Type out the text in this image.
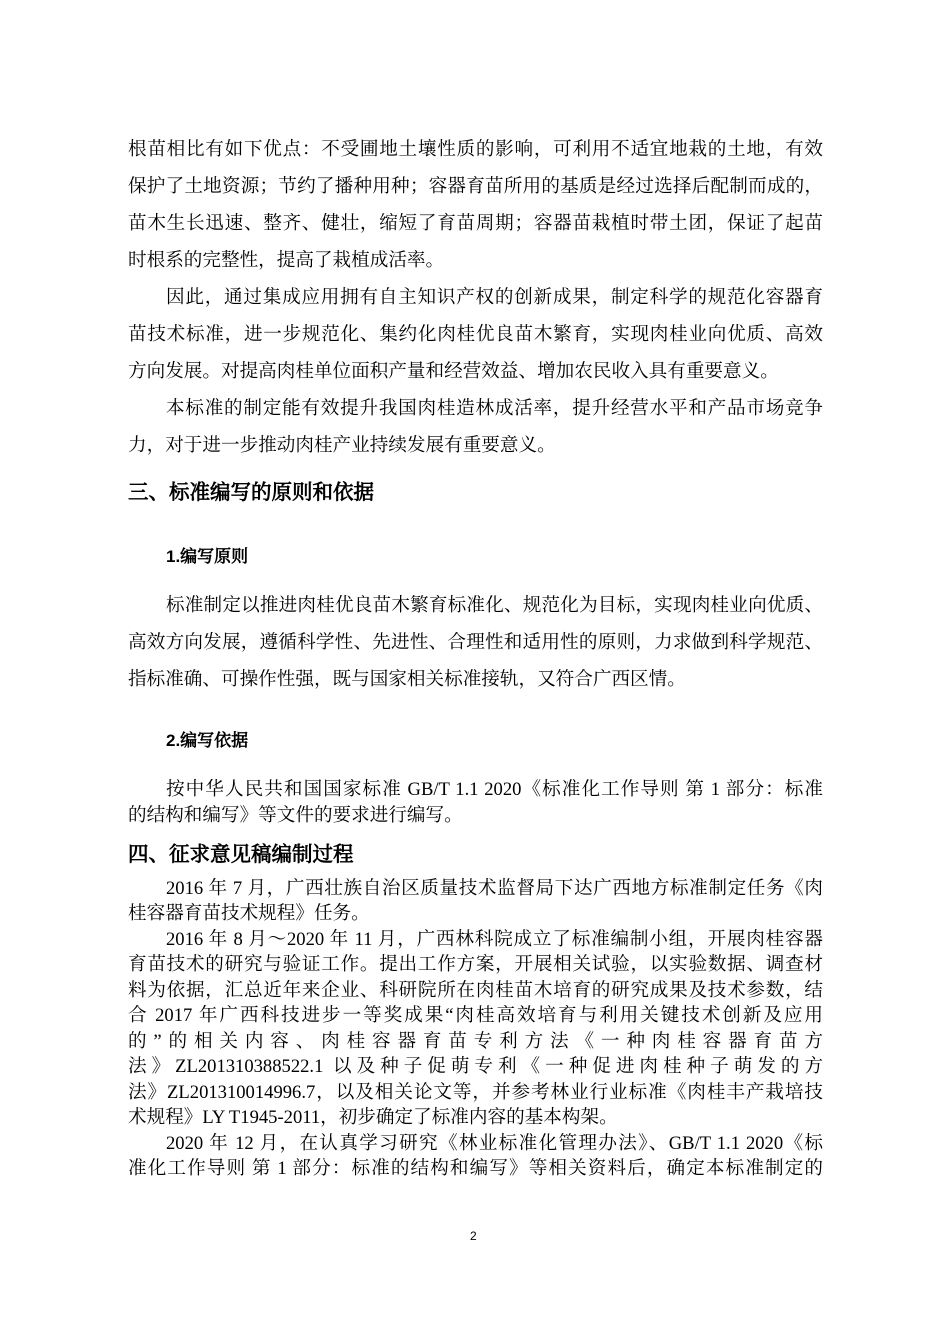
根苗相比有如下优点：不受圃地土壤性质的影响，可利用不适宜地栽的土地，有效
保护了土地资源；节约了播种用种；容器育苗所用的基质是经过选择后配制而成的，
苗木生长迅速、整齐、健壮，缩短了育苗周期；容器苗栽植时带土团，保证了起苗
时根系的完整性，提高了栽植成活率。
因此，通过集成应用拥有自主知识产权的创新成果，制定科学的规范化容器育
苗技术标准，进一步规范化、集约化肉桂优良苗木繁育，实现肉桂业向优质、高效
方向发展。对提高肉桂单位面积产量和经营效益、增加农民收入具有重要意义。
本标准的制定能有效提升我国肉桂造林成活率，提升经营水平和产品市场竞争
力，对于进一步推动肉桂产业持续发展有重要意义。
三、标准编写的原则和依据
1.编写原则
标准制定以推进肉桂优良苗木繁育标准化、规范化为目标，实现肉桂业向优质、
高效方向发展，遵循科学性、先进性、合理性和适用性的原则，力求做到科学规范、
指标准确、可操作性强，既与国家相关标准接轨，又符合广西区情。
2.编写依据
按中华人民共和国国家标准 GB/T 1.1 2020《标准化工作导则 第 1 部分：标准
的结构和编写》等文件的要求进行编写。
四、征求意见稿编制过程
2016 年 7 月，广西壮族自治区质量技术监督局下达广西地方标准制定任务《肉
桂容器育苗技术规程》任务。
2016 年 8 月～2020 年 11 月，广西林科院成立了标准编制小组，开展肉桂容器
育苗技术的研究与验证工作。提出工作方案，开展相关试验，以实验数据、调查材
料为依据，汇总近年来企业、科研院所在肉桂苗木培育的研究成果及技术参数，结
合 2017 年广西科技进步一等奖成果“肉桂高效培育与利用关键技术创新及应用
的”的相关内容、肉桂容器育苗专利方法《一种肉桂容器育苗方
法》ZL201310388522.1 以及种子促萌专利《一种促进肉桂种子萌发的方
法》ZL201310014996.7，以及相关论文等，并参考林业行业标准《肉桂丰产栽培技
术规程》LY T1945-2011，初步确定了标准内容的基本构架。
2020 年 12 月，在认真学习研究《林业标准化管理办法》、GB/T 1.1 2020《标
准化工作导则 第 1 部分：标准的结构和编写》等相关资料后，确定本标准制定的
2
